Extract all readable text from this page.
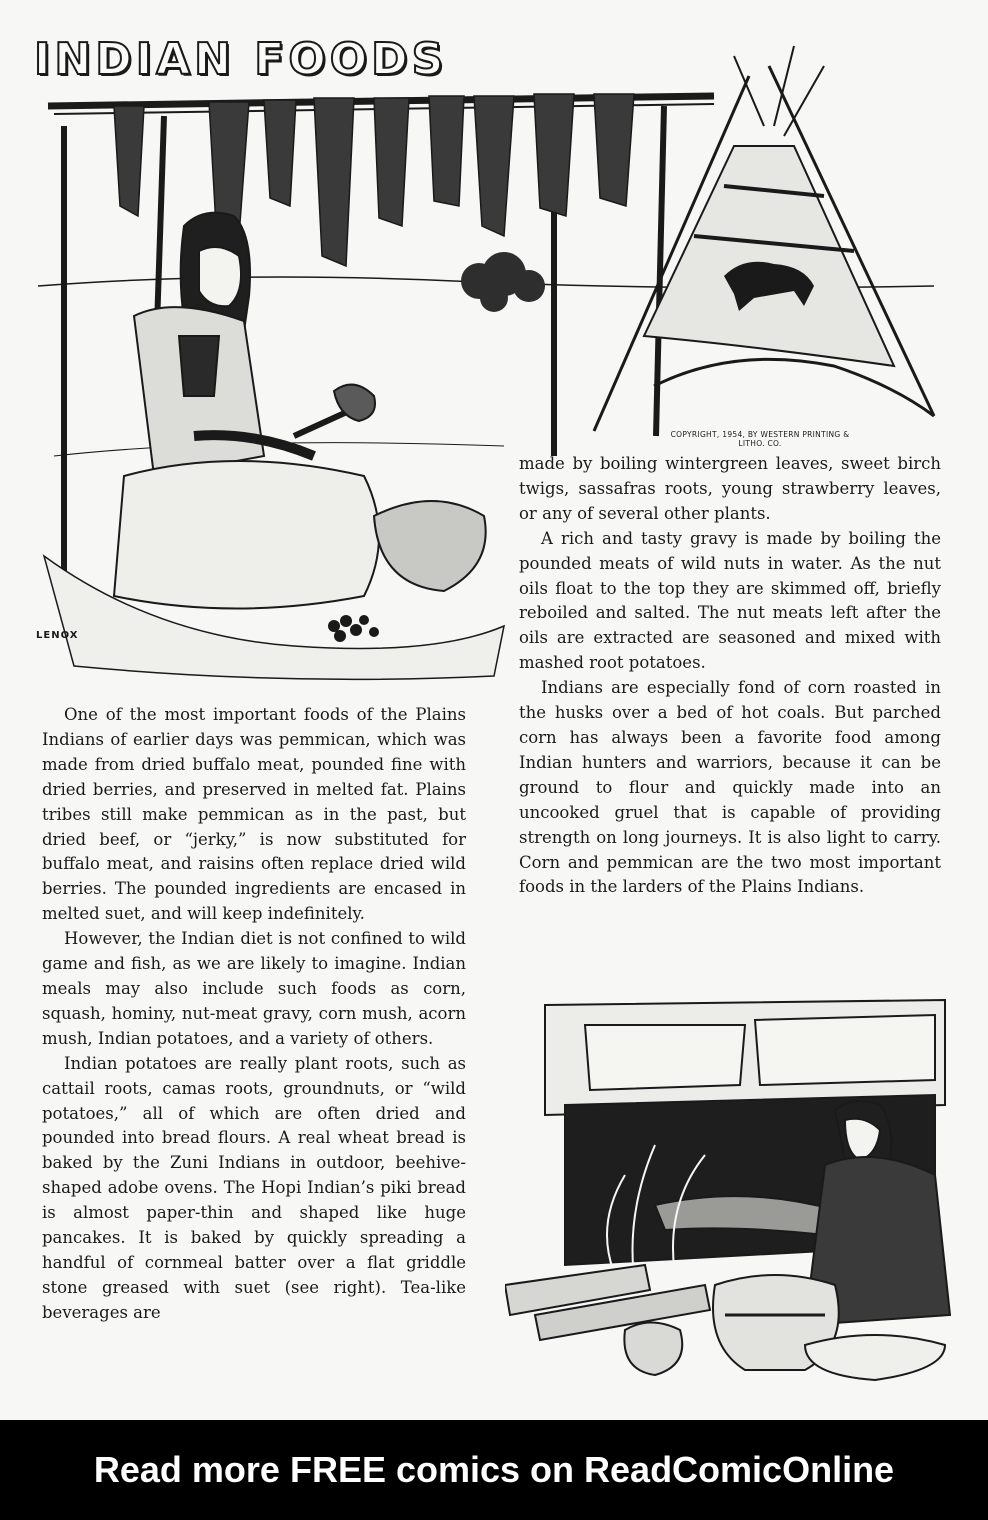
INDIAN FOODS
COPYRIGHT, 1954, BY WESTERN PRINTING & LITHO. CO.
LENOX

One of the most important foods of the Plains Indians of earlier days was pemmican, which was made from dried buffalo meat, pounded fine with dried berries, and preserved in melted fat. Plains tribes still make pemmican as in the past, but dried beef, or “jerky,” is now substituted for buffalo meat, and raisins often replace dried wild berries. The pounded ingredients are encased in melted suet, and will keep indefinitely.

However, the Indian diet is not confined to wild game and fish, as we are likely to imagine. Indian meals may also include such foods as corn, squash, hominy, nut-meat gravy, corn mush, acorn mush, Indian potatoes, and a variety of others.

Indian potatoes are really plant roots, such as cattail roots, camas roots, groundnuts, or “wild potatoes,” all of which are often dried and pounded into bread flours. A real wheat bread is baked by the Zuni Indians in outdoor, beehive-shaped adobe ovens. The Hopi Indian’s piki bread is almost paper-thin and shaped like huge pancakes. It is baked by quickly spreading a handful of cornmeal batter over a flat griddle stone greased with suet (see right). Tea-like beverages are

made by boiling wintergreen leaves, sweet birch twigs, sassafras roots, young strawberry leaves, or any of several other plants.

A rich and tasty gravy is made by boiling the pounded meats of wild nuts in water. As the nut oils float to the top they are skimmed off, briefly reboiled and salted. The nut meats left after the oils are extracted are seasoned and mixed with mashed root potatoes.

Indians are especially fond of corn roasted in the husks over a bed of hot coals. But parched corn has always been a favorite food among Indian hunters and warriors, because it can be ground to flour and quickly made into an uncooked gruel that is capable of providing strength on long journeys. It is also light to carry. Corn and pemmican are the two most important foods in the larders of the Plains Indians.

Read more FREE comics on ReadComicOnline
